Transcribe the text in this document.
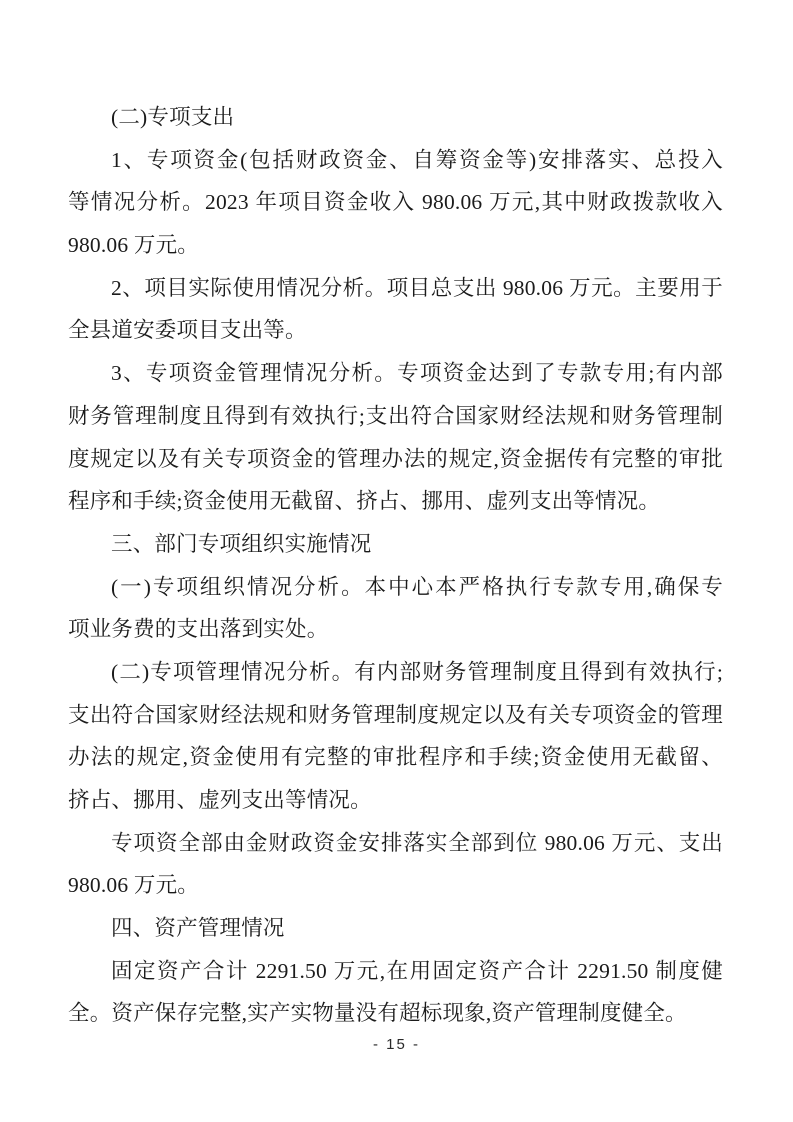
(二)专项支出
1、专项资金(包括财政资金、自筹资金等)安排落实、总投入
等情况分析。2023 年项目资金收入 980.06 万元,其中财政拨款收入
980.06 万元。
2、项目实际使用情况分析。项目总支出 980.06 万元。主要用于
全县道安委项目支出等。
3、专项资金管理情况分析。专项资金达到了专款专用;有内部
财务管理制度且得到有效执行;支出符合国家财经法规和财务管理制
度规定以及有关专项资金的管理办法的规定,资金据传有完整的审批
程序和手续;资金使用无截留、挤占、挪用、虚列支出等情况。
三、部门专项组织实施情况
(一)专项组织情况分析。本中心本严格执行专款专用,确保专
项业务费的支出落到实处。
(二)专项管理情况分析。有内部财务管理制度且得到有效执行;
支出符合国家财经法规和财务管理制度规定以及有关专项资金的管理
办法的规定,资金使用有完整的审批程序和手续;资金使用无截留、
挤占、挪用、虚列支出等情况。
专项资全部由金财政资金安排落实全部到位 980.06 万元、支出
980.06 万元。
四、资产管理情况
固定资产合计 2291.50 万元,在用固定资产合计 2291.50 制度健
全。资产保存完整,实产实物量没有超标现象,资产管理制度健全。
- 15 -
